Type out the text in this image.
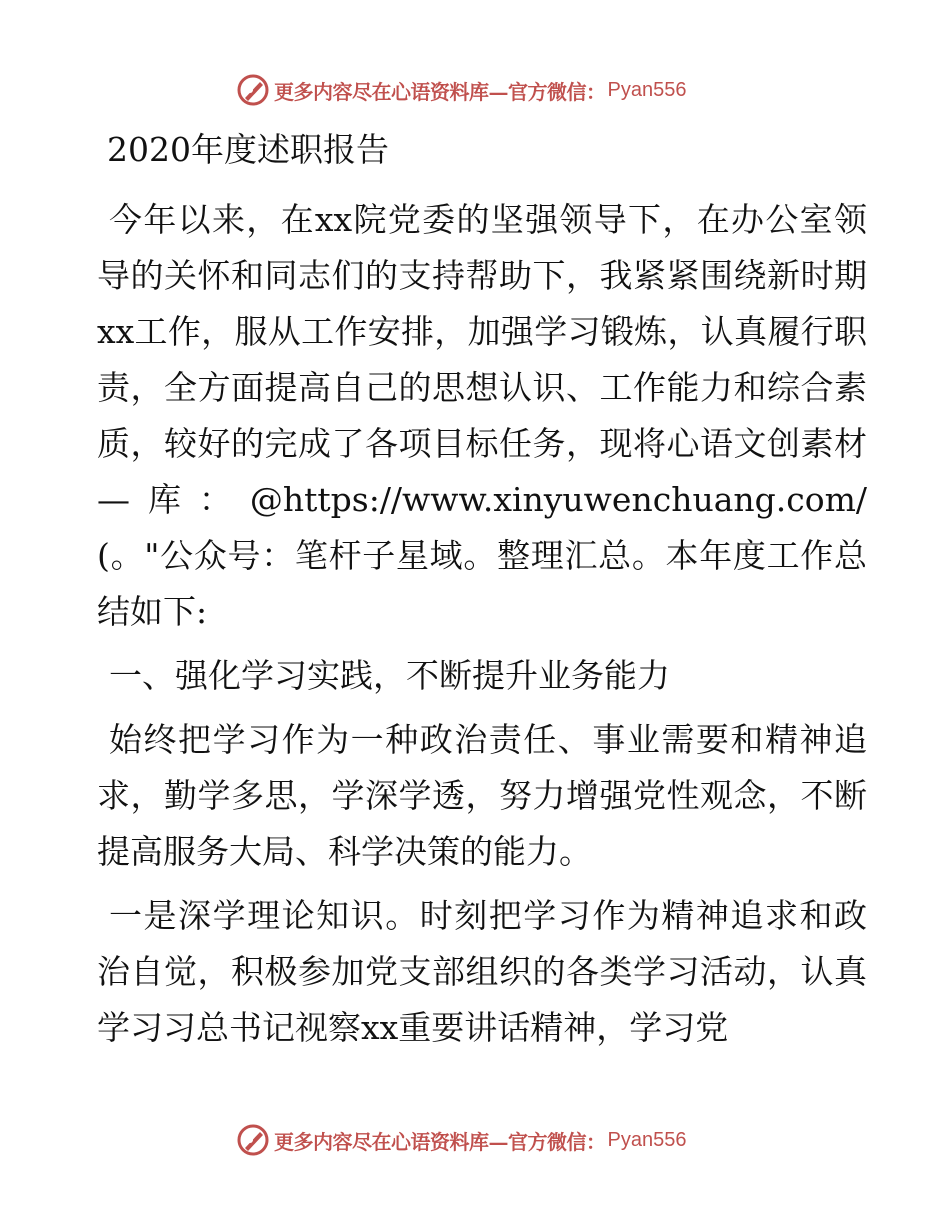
更多内容尽在心语资料库—官方微信： Pyan556

2020年度述职报告

今年以来，在xx院党委的坚强领导下，在办公室领导的关怀和同志们的支持帮助下，我紧紧围绕新时期xx工作，服从工作安排，加强学习锻炼，认真履行职责，全方面提高自己的思想认识、工作能力和综合素质，较好的完成了各项目标任务，现将心语文创素材—库：@https://www.xinyuwenchuang.com/(。"公众号：笔杆子星域。整理汇总。本年度工作总结如下:

一、强化学习实践，不断提升业务能力

始终把学习作为一种政治责任、事业需要和精神追求，勤学多思，学深学透，努力增强党性观念，不断提高服务大局、科学决策的能力。

一是深学理论知识。时刻把学习作为精神追求和政治自觉，积极参加党支部组织的各类学习活动，认真学习习总书记视察xx重要讲话精神，学习党

更多内容尽在心语资料库—官方微信： Pyan556
